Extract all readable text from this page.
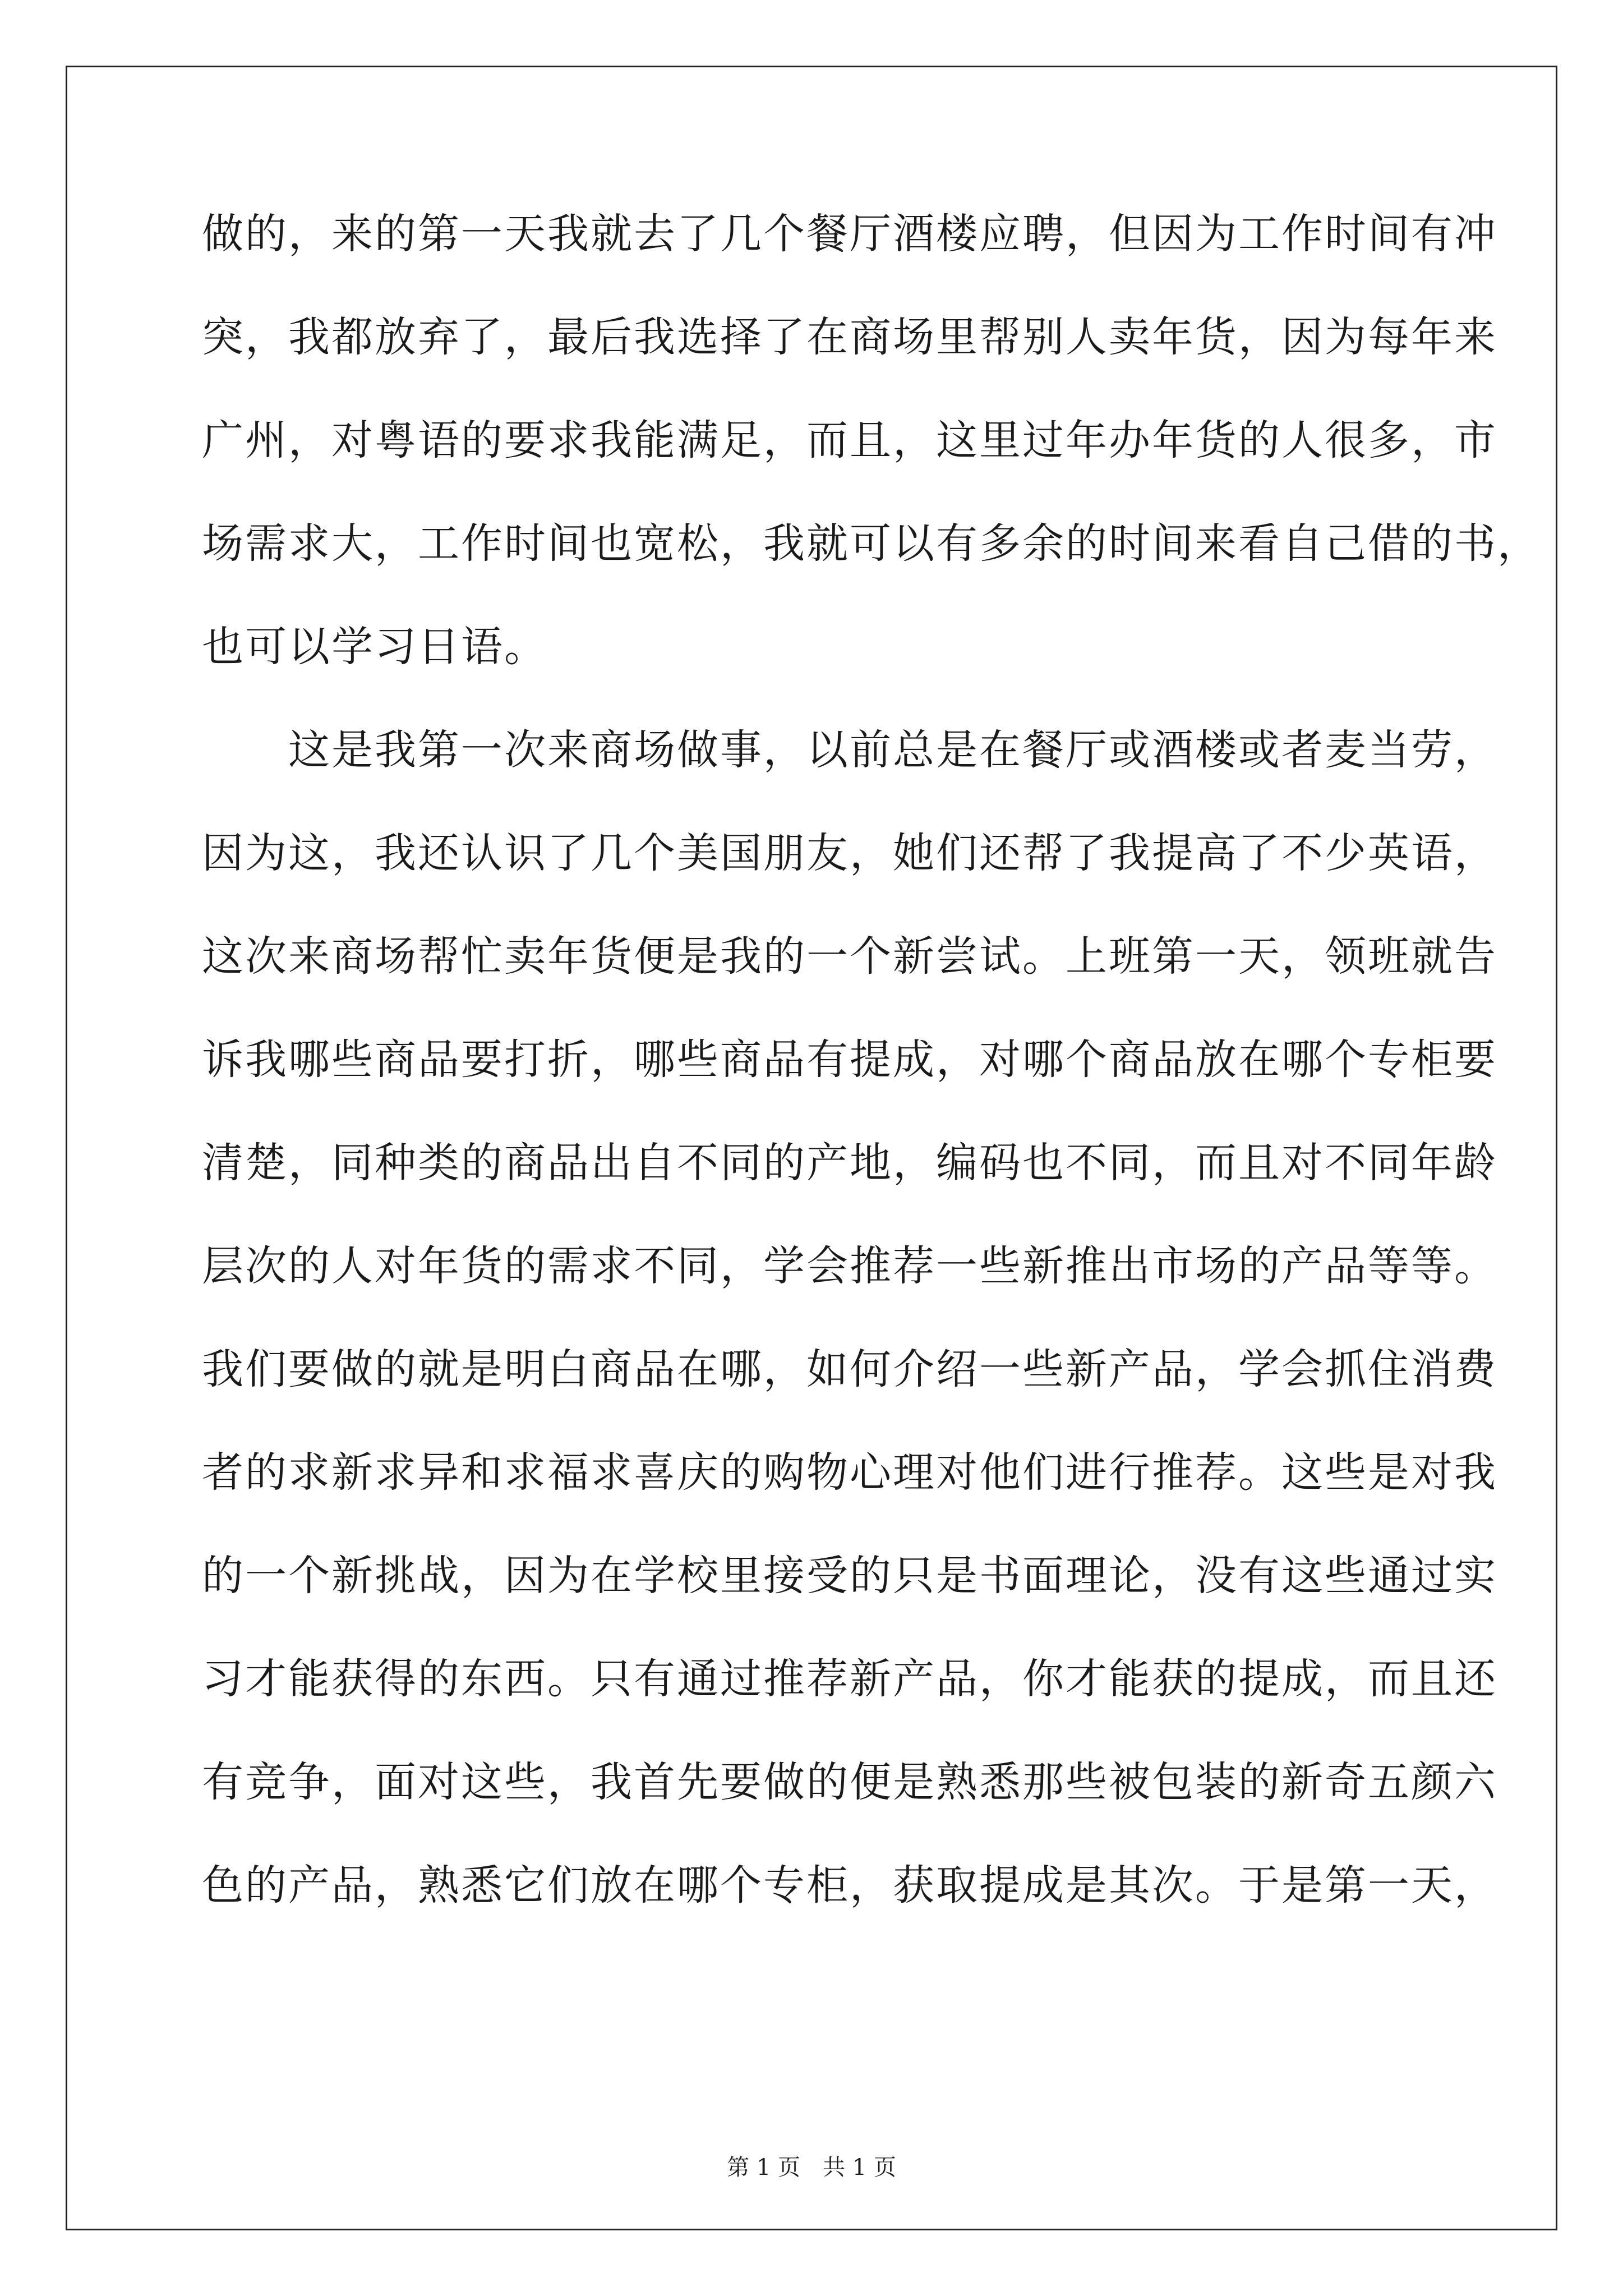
做的，来的第一天我就去了几个餐厅酒楼应聘，但因为工作时间有冲
突，我都放弃了，最后我选择了在商场里帮别人卖年货，因为每年来
广州，对粤语的要求我能满足，而且，这里过年办年货的人很多，市
场需求大，工作时间也宽松，我就可以有多余的时间来看自己借的书，
也可以学习日语。
　　这是我第一次来商场做事，以前总是在餐厅或酒楼或者麦当劳，
因为这，我还认识了几个美国朋友，她们还帮了我提高了不少英语，
这次来商场帮忙卖年货便是我的一个新尝试。上班第一天，领班就告
诉我哪些商品要打折，哪些商品有提成，对哪个商品放在哪个专柜要
清楚，同种类的商品出自不同的产地，编码也不同，而且对不同年龄
层次的人对年货的需求不同，学会推荐一些新推出市场的产品等等。
我们要做的就是明白商品在哪，如何介绍一些新产品，学会抓住消费
者的求新求异和求福求喜庆的购物心理对他们进行推荐。这些是对我
的一个新挑战，因为在学校里接受的只是书面理论，没有这些通过实
习才能获得的东西。只有通过推荐新产品，你才能获的提成，而且还
有竞争，面对这些，我首先要做的便是熟悉那些被包装的新奇五颜六
色的产品，熟悉它们放在哪个专柜，获取提成是其次。于是第一天，
第 1 页　共 1 页
